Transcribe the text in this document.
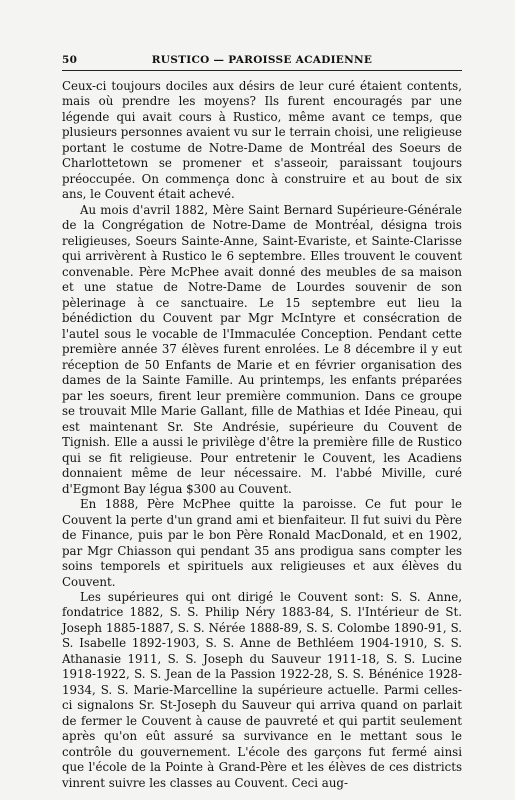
50	RUSTICO — PAROISSE ACADIENNE

Ceux-ci toujours dociles aux désirs de leur curé étaient contents, mais où prendre les moyens? Ils furent encouragés par une légende qui avait cours à Rustico, même avant ce temps, que plusieurs personnes avaient vu sur le terrain choisi, une religieuse portant le costume de Notre-Dame de Montréal des Soeurs de Charlottetown se promener et s'asseoir, paraissant toujours préoccupée. On commença donc à construire et au bout de six ans, le Couvent était achevé.

Au mois d'avril 1882, Mère Saint Bernard Supérieure-Générale de la Congrégation de Notre-Dame de Montréal, désigna trois religieuses, Soeurs Sainte-Anne, Saint-Evariste, et Sainte-Clarisse qui arrivèrent à Rustico le 6 septembre. Elles trouvent le couvent convenable. Père McPhee avait donné des meubles de sa maison et une statue de Notre-Dame de Lourdes souvenir de son pèlerinage à ce sanctuaire. Le 15 septembre eut lieu la bénédiction du Couvent par Mgr McIntyre et consécration de l'autel sous le vocable de l'Immaculée Conception. Pendant cette première année 37 élèves furent enrolées. Le 8 décembre il y eut réception de 50 Enfants de Marie et en février organisation des dames de la Sainte Famille. Au printemps, les enfants préparées par les soeurs, firent leur première communion. Dans ce groupe se trouvait Mlle Marie Gallant, fille de Mathias et Idée Pineau, qui est maintenant Sr. Ste Andrésie, supérieure du Couvent de Tignish. Elle a aussi le privilège d'être la première fille de Rustico qui se fit religieuse. Pour entretenir le Couvent, les Acadiens donnaient même de leur nécessaire. M. l'abbé Miville, curé d'Egmont Bay légua $300 au Couvent.

En 1888, Père McPhee quitte la paroisse. Ce fut pour le Couvent la perte d'un grand ami et bienfaiteur. Il fut suivi du Père de Finance, puis par le bon Père Ronald MacDonald, et en 1902, par Mgr Chiasson qui pendant 35 ans prodigua sans compter les soins temporels et spirituels aux religieuses et aux élèves du Couvent.

Les supérieures qui ont dirigé le Couvent sont: S. S. Anne, fondatrice 1882, S. S. Philip Néry 1883-84, S. l'Intérieur de St. Joseph 1885-1887, S. S. Nérée 1888-89, S. S. Colombe 1890-91, S. S. Isabelle 1892-1903, S. S. Anne de Bethléem 1904-1910, S. S. Athanasie 1911, S. S. Joseph du Sauveur 1911-18, S. S. Lucine 1918-1922, S. S. Jean de la Passion 1922-28, S. S. Bénénice 1928-1934, S. S. Marie-Marcelline la supérieure actuelle. Parmi celles-ci signalons Sr. St-Joseph du Sauveur qui arriva quand on parlait de fermer le Couvent à cause de pauvreté et qui partit seulement après qu'on eût assuré sa survivance en le mettant sous le contrôle du gouvernement. L'école des garçons fut fermé ainsi que l'école de la Pointe à Grand-Père et les élèves de ces districts vinrent suivre les classes au Couvent. Ceci aug-
